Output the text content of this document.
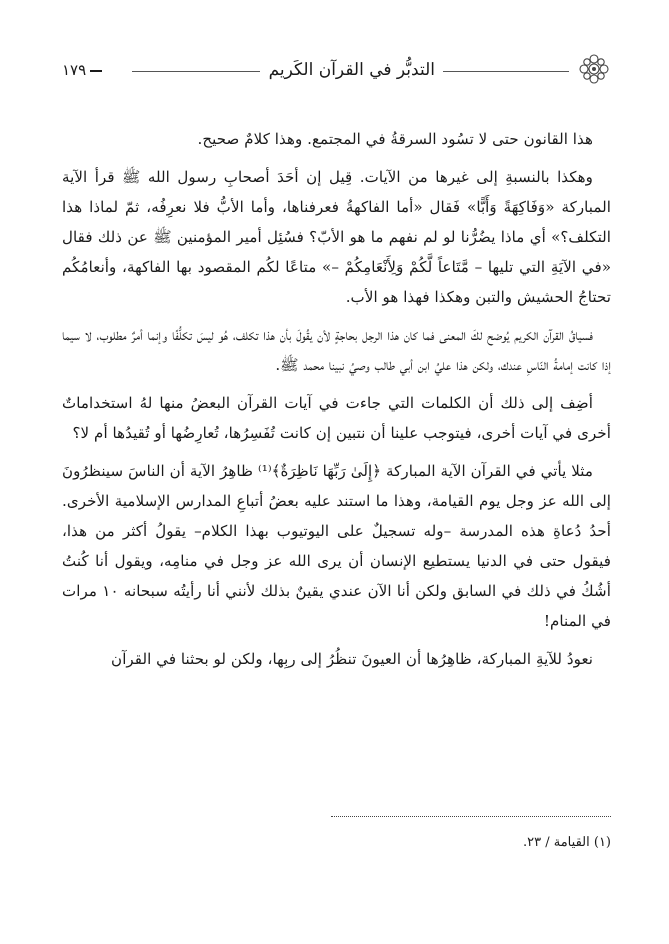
التدبُّر في القرآن الكَريم
١٧٩

هذا القانون حتى لا تسُود السرقةُ في المجتمع. وهذا كلامٌ صحيح.

وهكذا بالنسبةِ إلى غيرها من الآيات. قِيل إن أحَدَ أصحابِ رسول الله ﷺ قرأ الآية المباركة «وَفَاكِهَةً وَأَبًّا» فَقال «أما الفاكهةُ فعرفناها، وأما الأبُّ فلا نعرِفُه، ثمّ لماذا هذا التكلف؟» أي ماذا يضُرُّنا لو لم نفهم ما هو الأبّ؟ فسُئِل أمير المؤمنين ﷺ عن ذلك فقال «في الآيَةِ التي تليها – مَّتَاعاً لَّكُمْ وَلِأَنْعَامِكُمْ –» متاعًا لكُم المقصود بها الفاكهة، وأنعامُكُم تحتاجُ الحشيش والتبن وهكذا فهذا هو الأب.

فسياقُ القرآن الكريم يُوضح لكَ المعنى فما كان هذا الرجل بحاجةٍ لأن يقُولَ بأن هذا تكلف، هُو ليسَ تكلُّفًا وإنما أمرٌ مطلوب، لا سيما إذا كانت إمامةُ النّاسِ عندك، ولكن هذا عليُ ابن أبي طالب وصيُ نبينا محمد ﷺ.

أضِف إلى ذلك أن الكلمات التي جاءت في آيات القرآن البعضُ منها لهُ استخداماتٌ أخرى في آيات أخرى، فيتوجب علينا أن نتبين إن كانت تُفَسِرُها، تُعارِضُها أو تُقيدُها أم لا؟

مثلا يأتي في القرآن الآية المباركة ﴿إِلَىٰ رَبِّهَا نَاظِرَةٌ﴾⁽¹⁾ ظاهِرُ الآية أن الناسَ سينظرُونَ إلى الله عز وجل يوم القيامة، وهذا ما استند عليه بعضُ أتباعِ المدارس الإسلامية الأخرى. أحدُ دُعاةِ هذه المدرسة –وله تسجيلٌ على اليوتيوب بهذا الكلام– يقولُ أكثر من هذا، فيقول حتى في الدنيا يستطيع الإنسان أن يرى الله عز وجل في منامِه، ويقول أنا كُنتُ أشُكُ في ذلك في السابق ولكن أنا الآن عندي يقينٌ بذلك لأنني أنا رأيتُه سبحانه ١٠ مرات في المنام!

نعودُ للآيةِ المباركة، ظاهِرُها أن العيونَ تنظُرُ إلى ربِها، ولكن لو بحثنا في القرآن

(١) القيامة / ٢٣.
